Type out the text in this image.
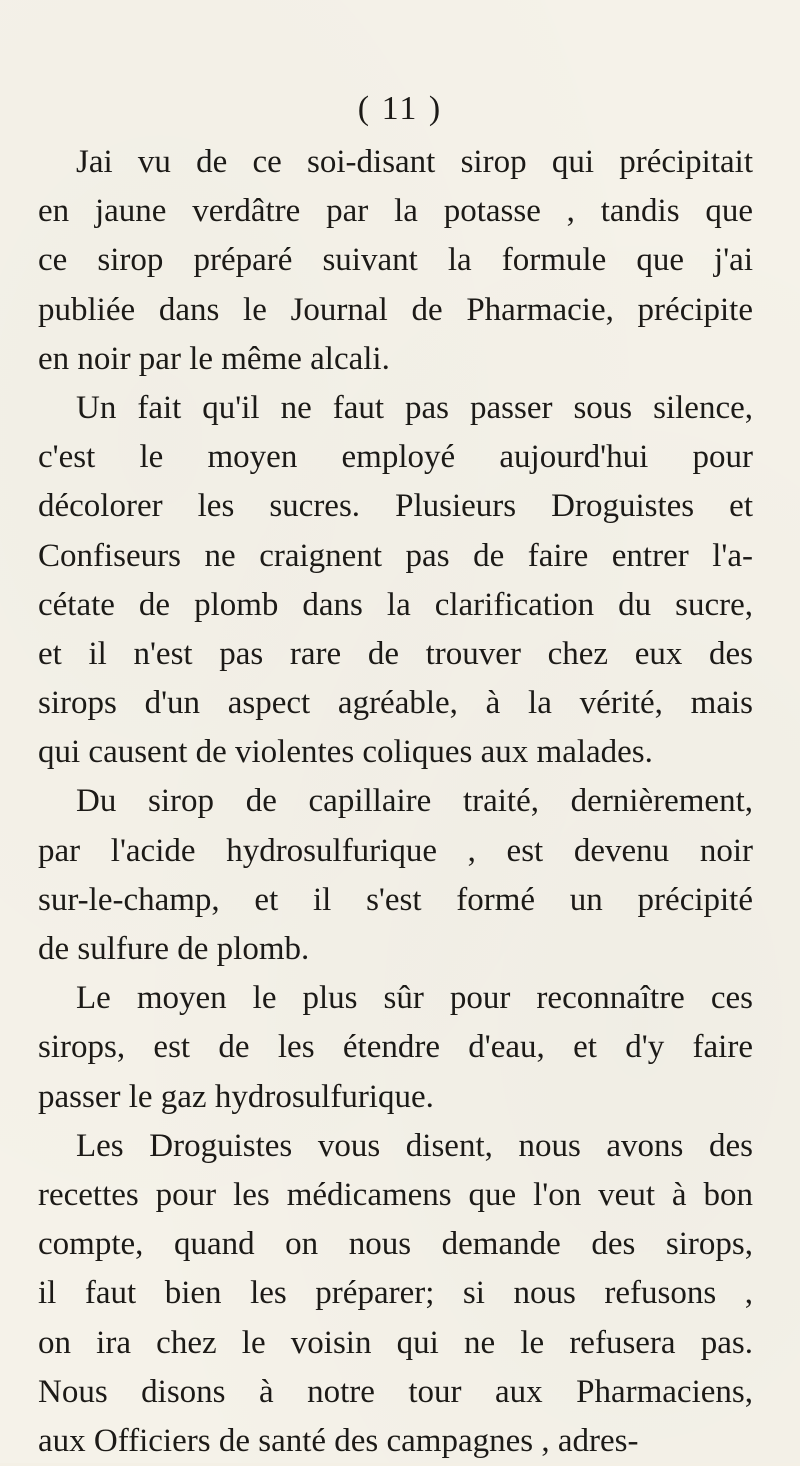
( 11 )
Jai vu de ce soi-disant sirop qui précipitait
en jaune verdâtre par la potasse , tandis que
ce sirop préparé suivant la formule que j'ai
publiée dans le Journal de Pharmacie, précipite
en noir par le même alcali.
Un fait qu'il ne faut pas passer sous silence,
c'est le moyen employé aujourd'hui pour
décolorer les sucres. Plusieurs Droguistes et
Confiseurs ne craignent pas de faire entrer l'a-
cétate de plomb dans la clarification du sucre,
et il n'est pas rare de trouver chez eux des
sirops d'un aspect agréable, à la vérité, mais
qui causent de violentes coliques aux malades.
Du sirop de capillaire traité, dernièrement,
par l'acide hydrosulfurique , est devenu noir
sur-le-champ, et il s'est formé un précipité
de sulfure de plomb.
Le moyen le plus sûr pour reconnaître ces
sirops, est de les étendre d'eau, et d'y faire
passer le gaz hydrosulfurique.
Les Droguistes vous disent, nous avons des
recettes pour les médicamens que l'on veut à bon
compte, quand on nous demande des sirops,
il faut bien les préparer; si nous refusons ,
on ira chez le voisin qui ne le refusera pas.
Nous disons à notre tour aux Pharmaciens,
aux Officiers de santé des campagnes , adres-
